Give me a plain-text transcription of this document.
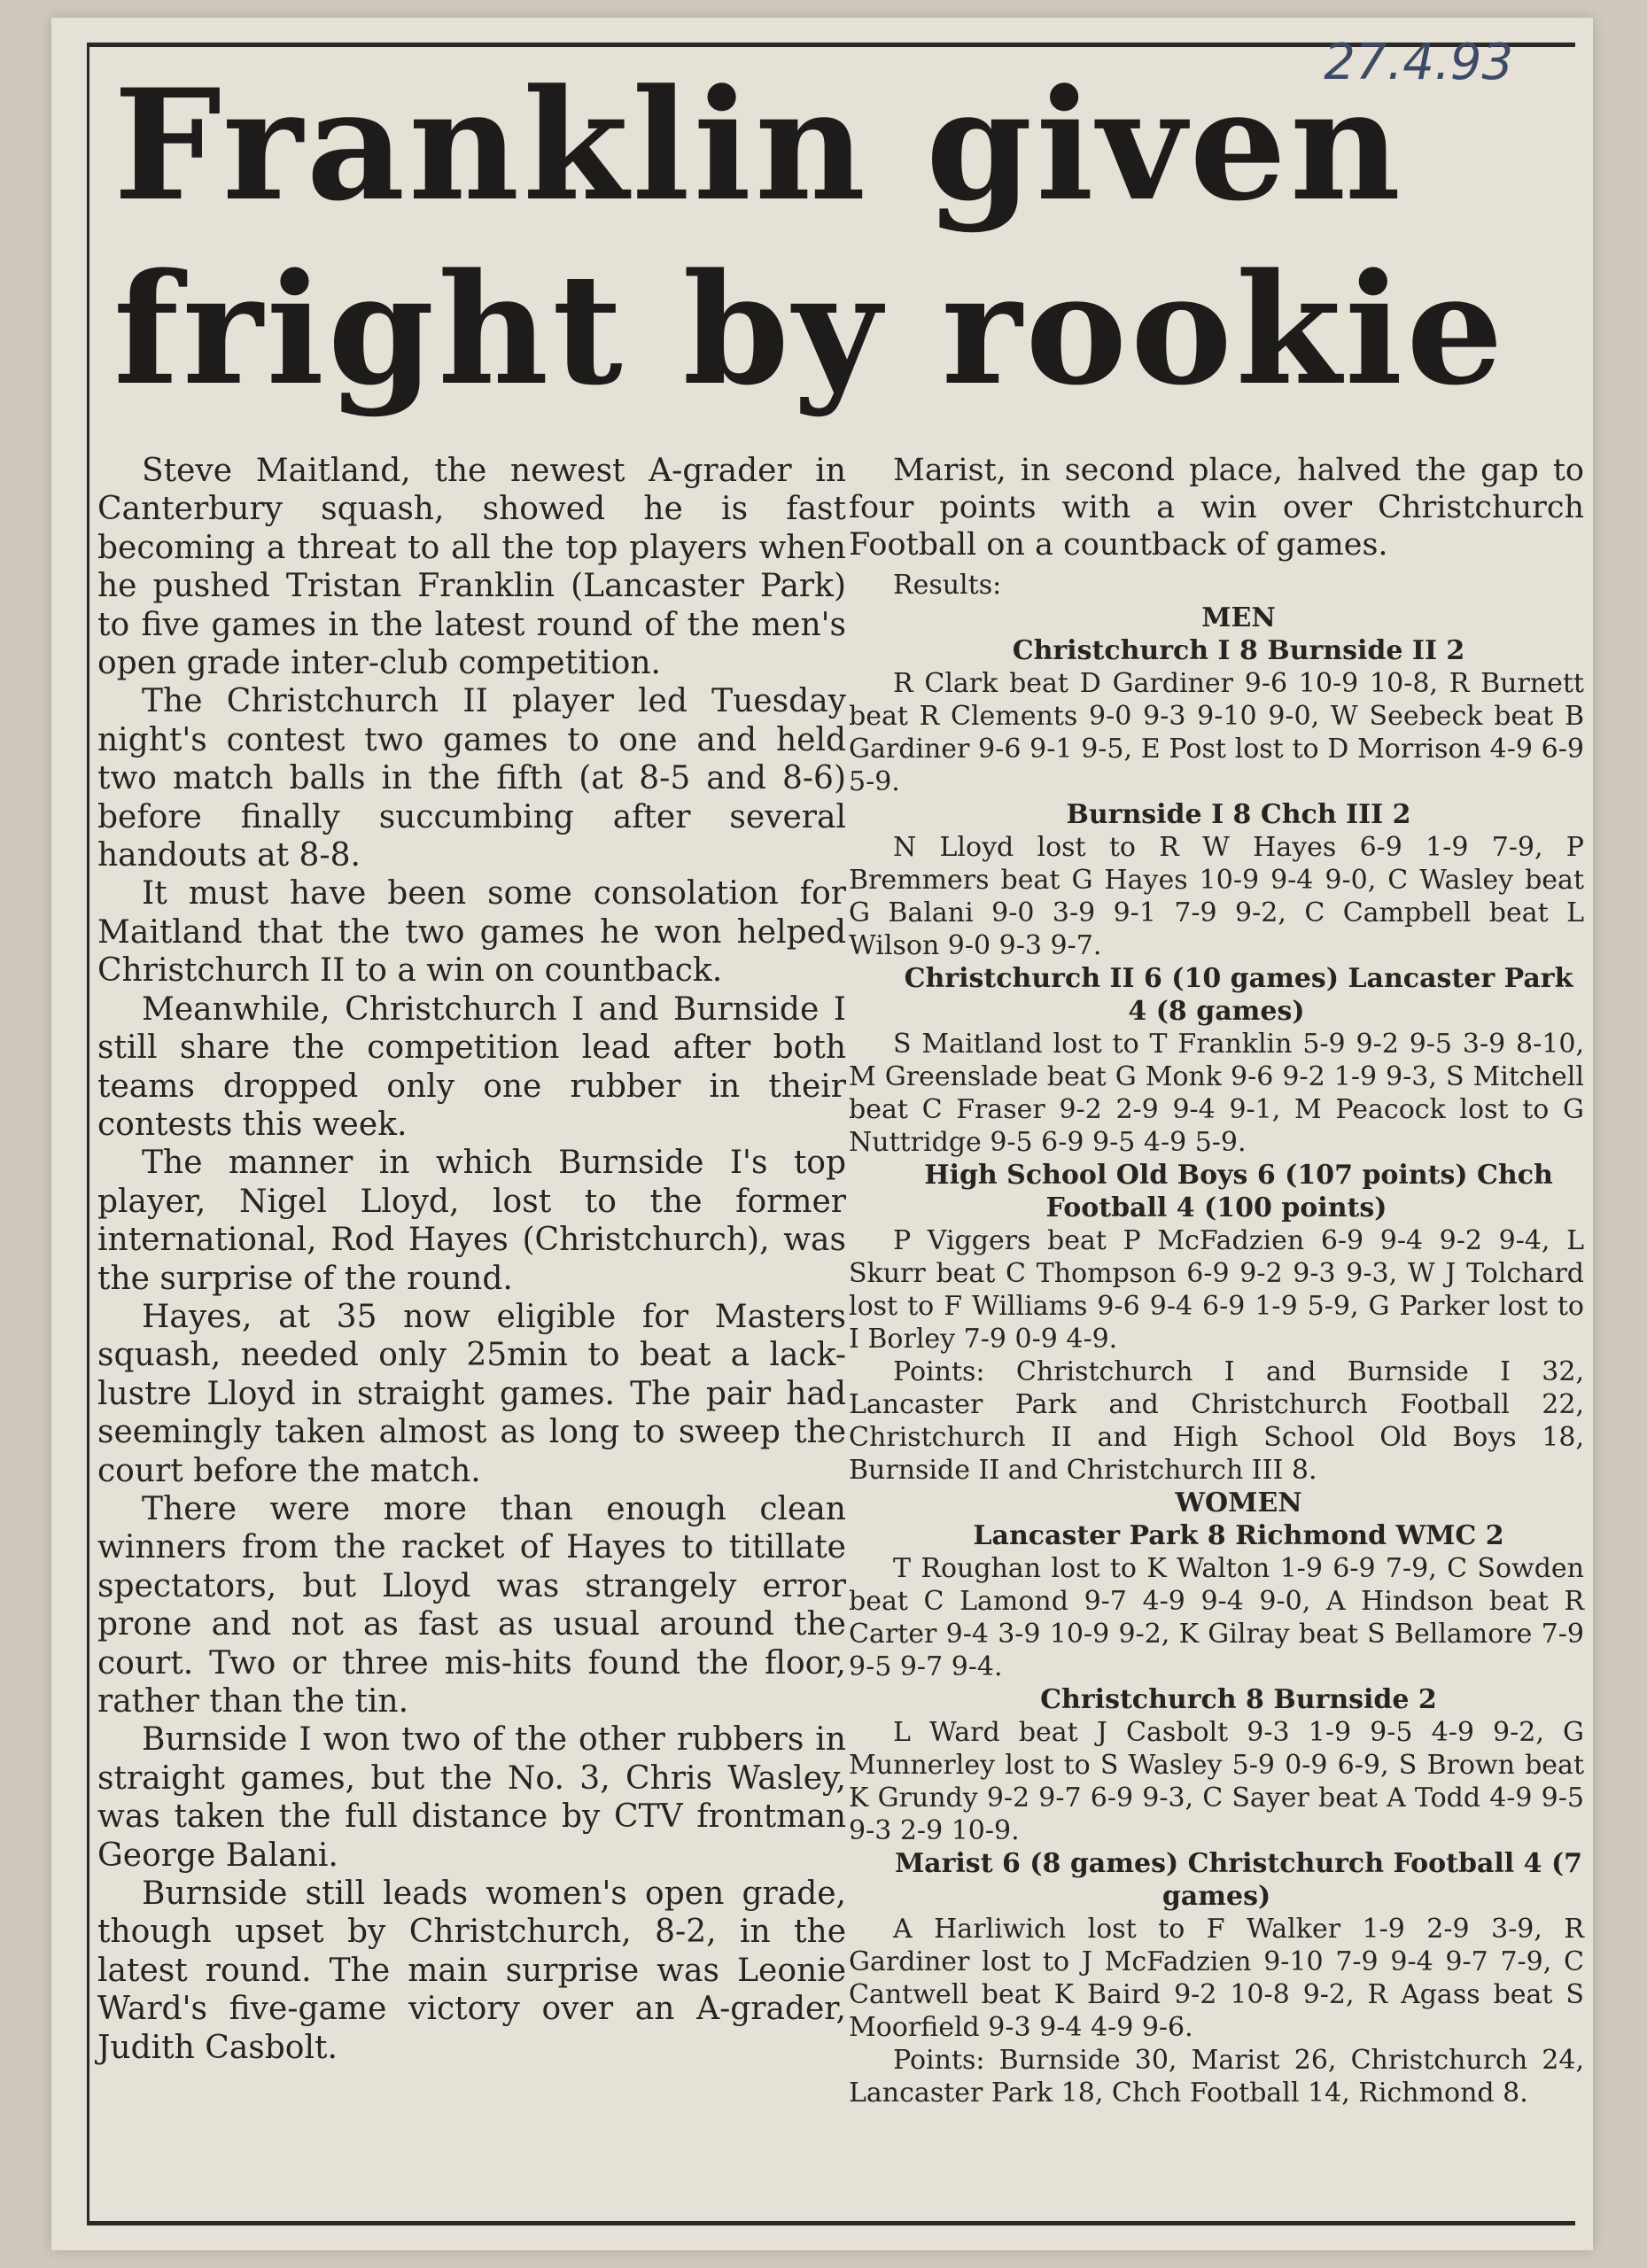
27.4.93
Franklin given
fright by rookie

Steve Maitland, the newest A-grader in Canterbury squash, showed he is fast becoming a threat to all the top players when he pushed Tristan Franklin (Lancaster Park) to five games in the latest round of the men's open grade inter-club competition.

The Christchurch II player led Tuesday night's contest two games to one and held two match balls in the fifth (at 8-5 and 8-6) before finally succumbing after several handouts at 8-8.

It must have been some consolation for Maitland that the two games he won helped Christchurch II to a win on countback.

Meanwhile, Christchurch I and Burnside I still share the competition lead after both teams dropped only one rubber in their contests this week.

The manner in which Burnside I's top player, Nigel Lloyd, lost to the former international, Rod Hayes (Christchurch), was the surprise of the round.

Hayes, at 35 now eligible for Masters squash, needed only 25min to beat a lack-lustre Lloyd in straight games. The pair had seemingly taken almost as long to sweep the court before the match.

There were more than enough clean winners from the racket of Hayes to titillate spectators, but Lloyd was strangely error prone and not as fast as usual around the court. Two or three mis-hits found the floor, rather than the tin.

Burnside I won two of the other rubbers in straight games, but the No. 3, Chris Wasley, was taken the full distance by CTV frontman George Balani.

Burnside still leads women's open grade, though upset by Christchurch, 8-2, in the latest round. The main surprise was Leonie Ward's five-game victory over an A-grader, Judith Casbolt.

Marist, in second place, halved the gap to four points with a win over Christchurch Football on a countback of games.

Results:

MEN

Christchurch I 8 Burnside II 2

R Clark beat D Gardiner 9-6 10-9 10-8, R Burnett beat R Clements 9-0 9-3 9-10 9-0, W Seebeck beat B Gardiner 9-6 9-1 9-5, E Post lost to D Morrison 4-9 6-9 5-9.

Burnside I 8 Chch III 2

N Lloyd lost to R W Hayes 6-9 1-9 7-9, P Bremmers beat G Hayes 10-9 9-4 9-0, C Wasley beat G Balani 9-0 3-9 9-1 7-9 9-2, C Campbell beat L Wilson 9-0 9-3 9-7.

Christchurch II 6 (10 games) Lancaster Park 4 (8 games)

S Maitland lost to T Franklin 5-9 9-2 9-5 3-9 8-10, M Greenslade beat G Monk 9-6 9-2 1-9 9-3, S Mitchell beat C Fraser 9-2 2-9 9-4 9-1, M Peacock lost to G Nuttridge 9-5 6-9 9-5 4-9 5-9.

High School Old Boys 6 (107 points) Chch Football 4 (100 points)

P Viggers beat P McFadzien 6-9 9-4 9-2 9-4, L Skurr beat C Thompson 6-9 9-2 9-3 9-3, W J Tolchard lost to F Williams 9-6 9-4 6-9 1-9 5-9, G Parker lost to I Borley 7-9 0-9 4-9.

Points: Christchurch I and Burnside I 32, Lancaster Park and Christchurch Football 22, Christchurch II and High School Old Boys 18, Burnside II and Christchurch III 8.

WOMEN

Lancaster Park 8 Richmond WMC 2

T Roughan lost to K Walton 1-9 6-9 7-9, C Sowden beat C Lamond 9-7 4-9 9-4 9-0, A Hindson beat R Carter 9-4 3-9 10-9 9-2, K Gilray beat S Bellamore 7-9 9-5 9-7 9-4.

Christchurch 8 Burnside 2

L Ward beat J Casbolt 9-3 1-9 9-5 4-9 9-2, G Munnerley lost to S Wasley 5-9 0-9 6-9, S Brown beat K Grundy 9-2 9-7 6-9 9-3, C Sayer beat A Todd 4-9 9-5 9-3 2-9 10-9.

Marist 6 (8 games) Christchurch Football 4 (7 games)

A Harliwich lost to F Walker 1-9 2-9 3-9, R Gardiner lost to J McFadzien 9-10 7-9 9-4 9-7 7-9, C Cantwell beat K Baird 9-2 10-8 9-2, R Agass beat S Moorfield 9-3 9-4 4-9 9-6.

Points: Burnside 30, Marist 26, Christchurch 24, Lancaster Park 18, Chch Football 14, Richmond 8.
